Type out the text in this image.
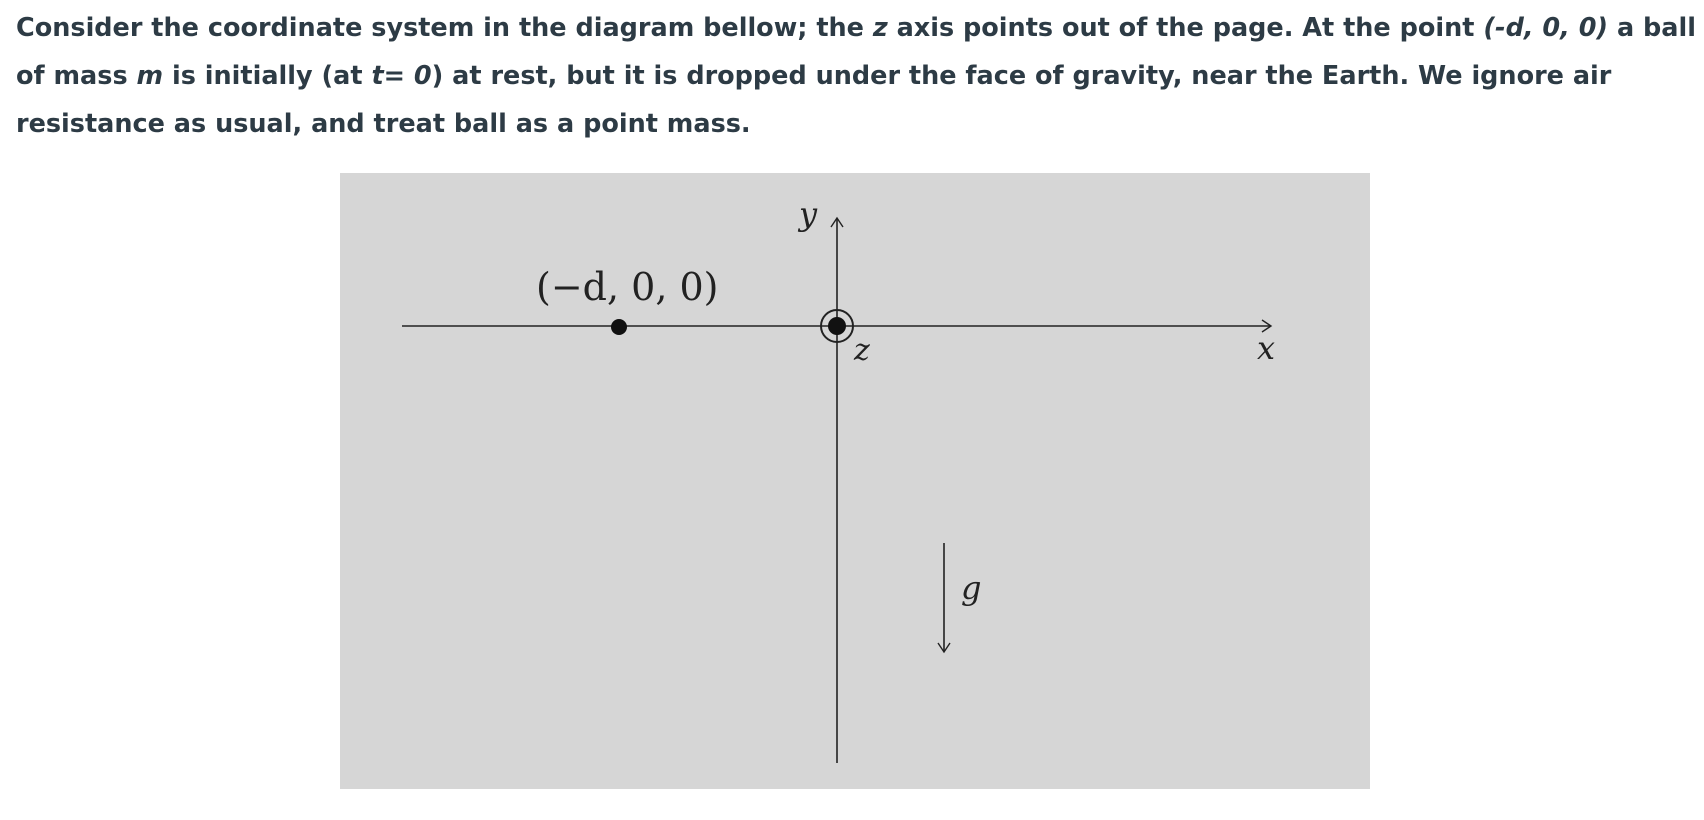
Consider the coordinate system in the diagram bellow; the z axis points out of the page. At the point (-d, 0, 0) a ball of mass m is initially (at t= 0) at rest, but it is dropped under the face of gravity, near the Earth. We ignore air resistance as usual, and treat ball as a point mass.

(−d, 0, 0)
y
x
z
g
